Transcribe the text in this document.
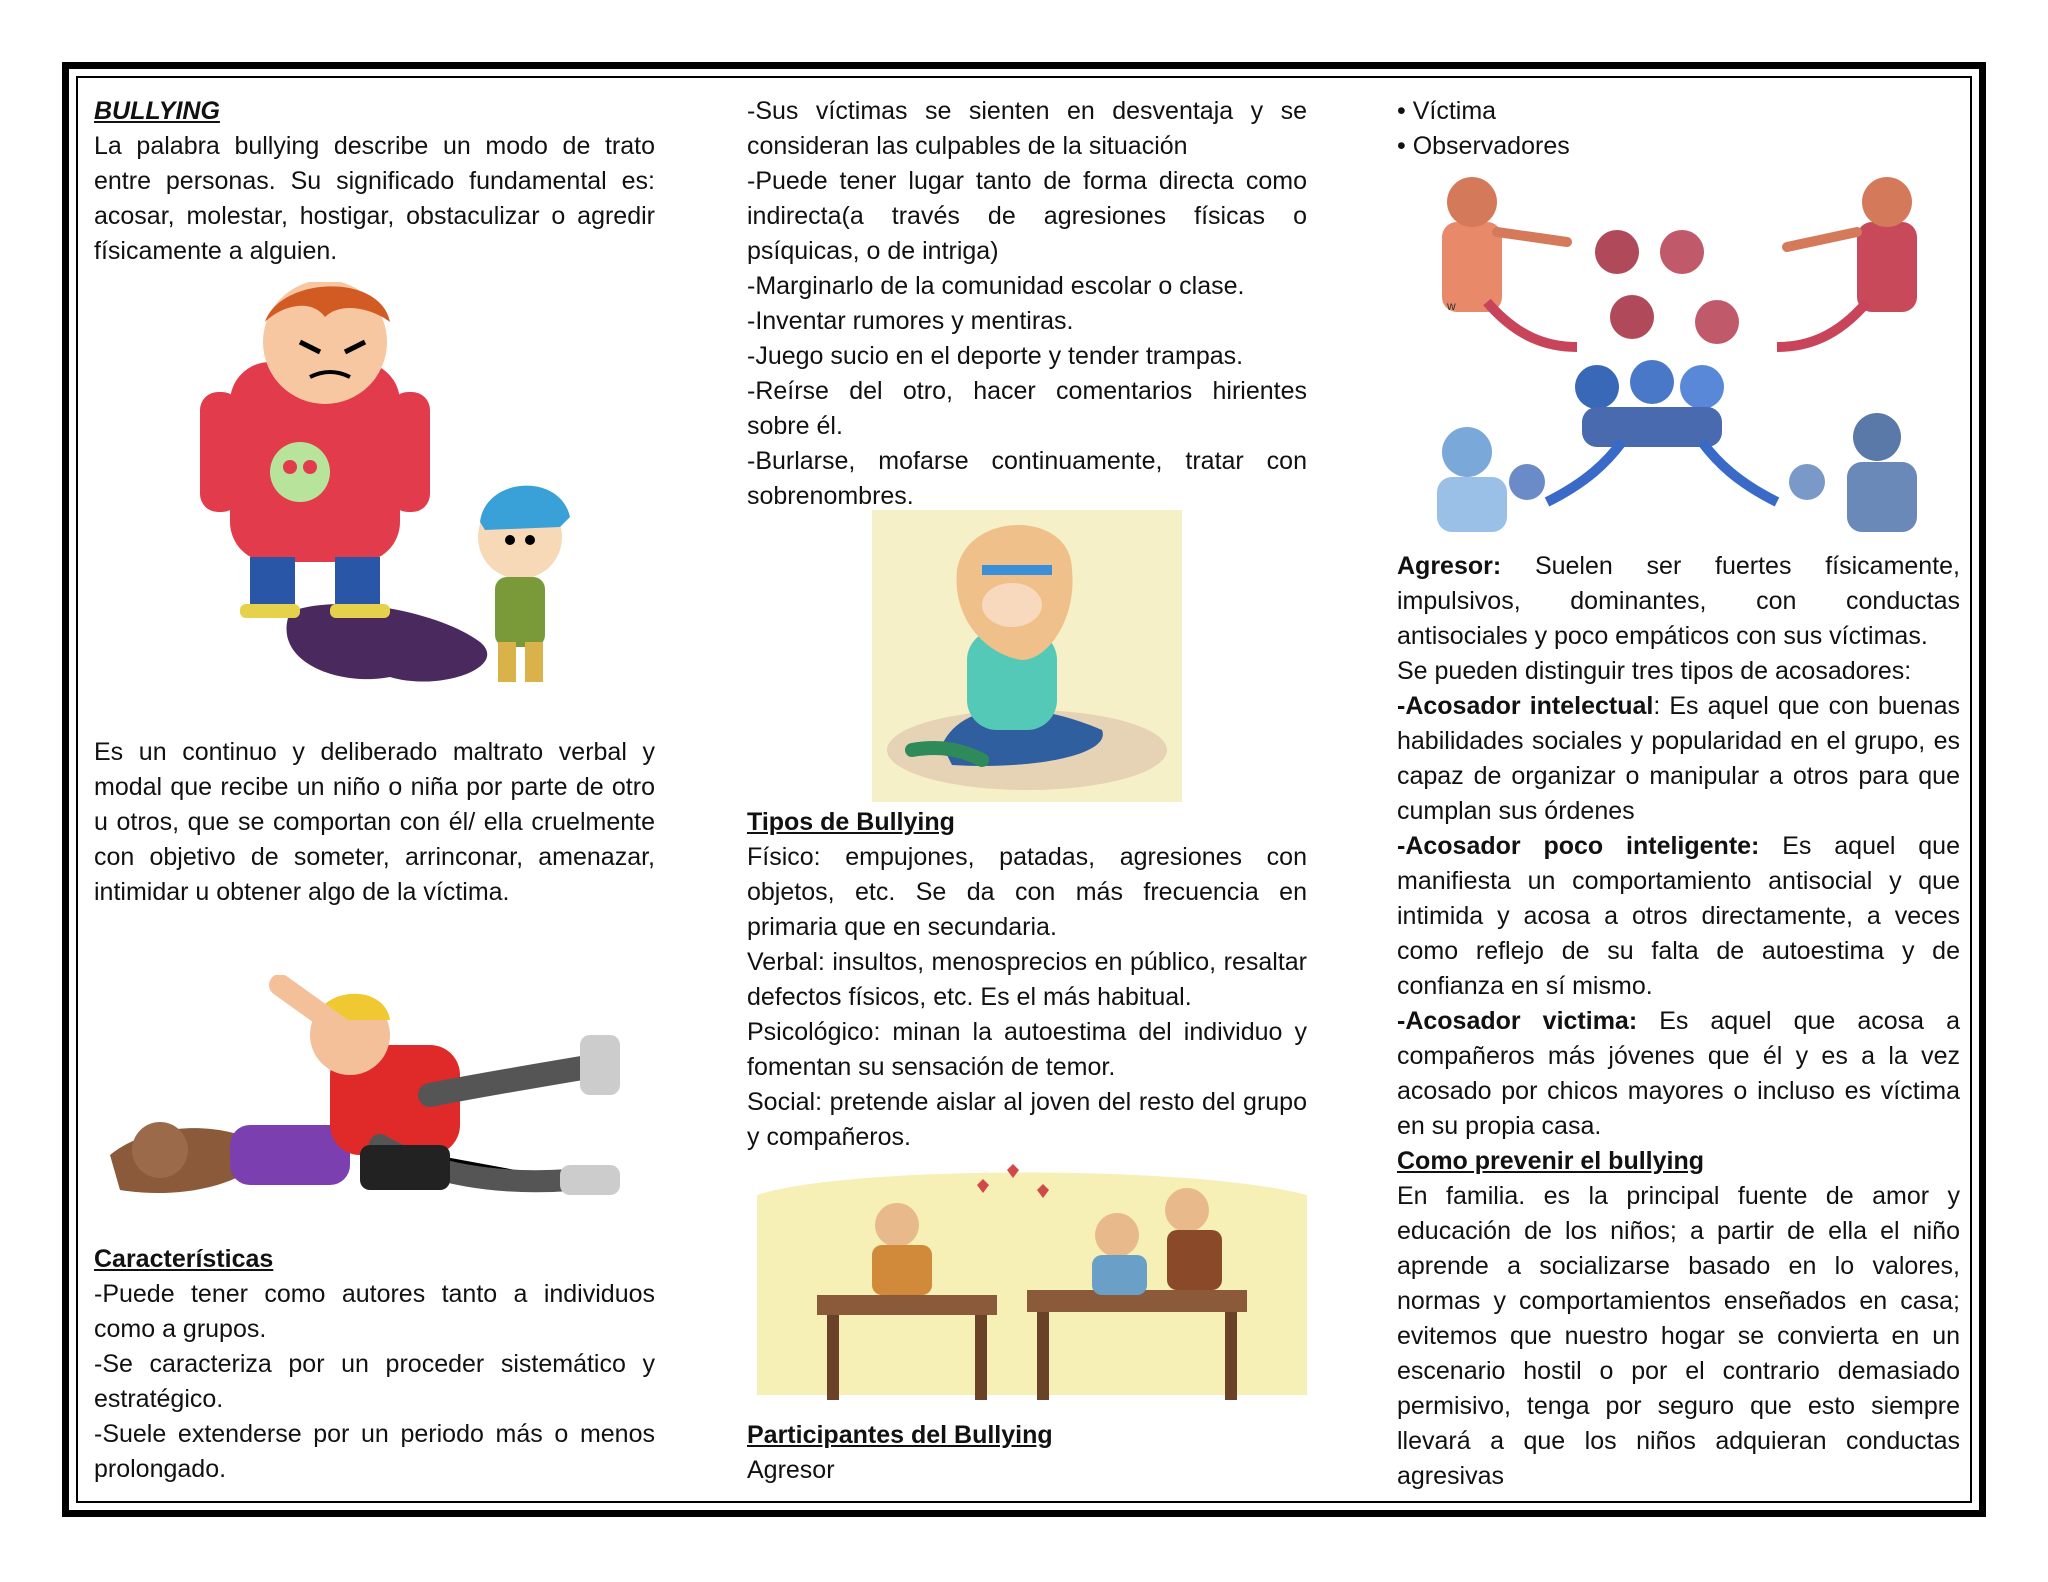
BULLYING

La palabra bullying describe un modo de trato entre personas. Su significado fundamental es: acosar, molestar, hostigar, obstaculizar o agredir físicamente a alguien.

Es un continuo y deliberado maltrato verbal y modal que recibe un niño o niña por parte de otro u otros, que se comportan con él/ ella cruelmente con objetivo de someter, arrinconar, amenazar, intimidar u obtener algo de la víctima.

Características

-Puede tener como autores tanto a individuos como a grupos.

-Se caracteriza por un proceder sistemático y estratégico.

-Suele extenderse por un periodo más o menos prolongado.

-Sus víctimas se sienten en desventaja y se consideran las culpables de la situación

-Puede tener lugar tanto de forma directa como indirecta(a través de agresiones físicas o psíquicas, o de intriga)

-Marginarlo de la comunidad escolar o clase.

-Inventar rumores y mentiras.

-Juego sucio en el deporte y tender trampas.

-Reírse del otro, hacer comentarios hirientes sobre él.

-Burlarse, mofarse continuamente, tratar con sobrenombres.

Tipos de Bullying

Físico: empujones, patadas, agresiones con objetos, etc. Se da con más frecuencia en primaria que en secundaria.

Verbal: insultos, menosprecios en público, resaltar defectos físicos, etc. Es el más habitual.

Psicológico: minan la autoestima del individuo y fomentan su sensación de temor.

Social: pretende aislar al joven del resto del grupo y compañeros.

Participantes del Bullying

Agresor

• Víctima

• Observadores

w

Agresor: Suelen ser fuertes físicamente, impulsivos, dominantes, con conductas antisociales y poco empáticos con sus víctimas.

Se pueden distinguir tres tipos de acosadores:

-Acosador intelectual: Es aquel que con buenas habilidades sociales y popularidad en el grupo, es capaz de organizar o manipular a otros para que cumplan sus órdenes

-Acosador poco inteligente: Es aquel que manifiesta un comportamiento antisocial y que intimida y acosa a otros directamente, a veces como reflejo de su falta de autoestima y de confianza en sí mismo.

-Acosador victima: Es aquel que acosa a compañeros más jóvenes que él y es a la vez acosado por chicos mayores o incluso es víctima en su propia casa.

Como prevenir el bullying

En familia. es la principal fuente de amor y educación de los niños; a partir de ella el niño aprende a socializarse basado en lo valores, normas y comportamientos enseñados en casa; evitemos que nuestro hogar se convierta en un escenario hostil o por el contrario demasiado permisivo, tenga por seguro que esto siempre llevará a que los niños adquieran conductas agresivas
